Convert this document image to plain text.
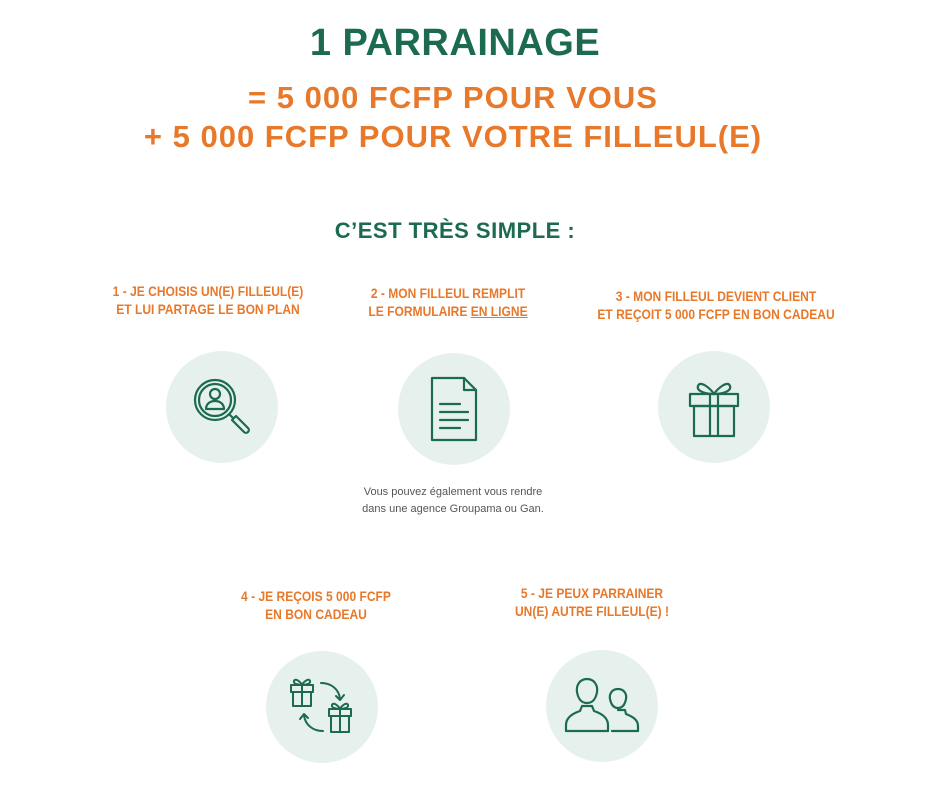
1 PARRAINAGE
= 5 000 FCFP POUR VOUS
+ 5 000 FCFP POUR VOTRE FILLEUL(E)
C’EST TRÈS SIMPLE :
1 - JE CHOISIS UN(E) FILLEUL(E)
ET LUI PARTAGE LE BON PLAN
2 - MON FILLEUL REMPLIT
LE FORMULAIRE EN LIGNE
Vous pouvez également vous rendre dans une agence Groupama ou Gan.
3 - MON FILLEUL DEVIENT CLIENT
ET REÇOIT 5 000 FCFP EN BON CADEAU
4 - JE REÇOIS 5 000 FCFP
EN BON CADEAU
5 - JE PEUX PARRAINER
UN(E) AUTRE FILLEUL(E) !
